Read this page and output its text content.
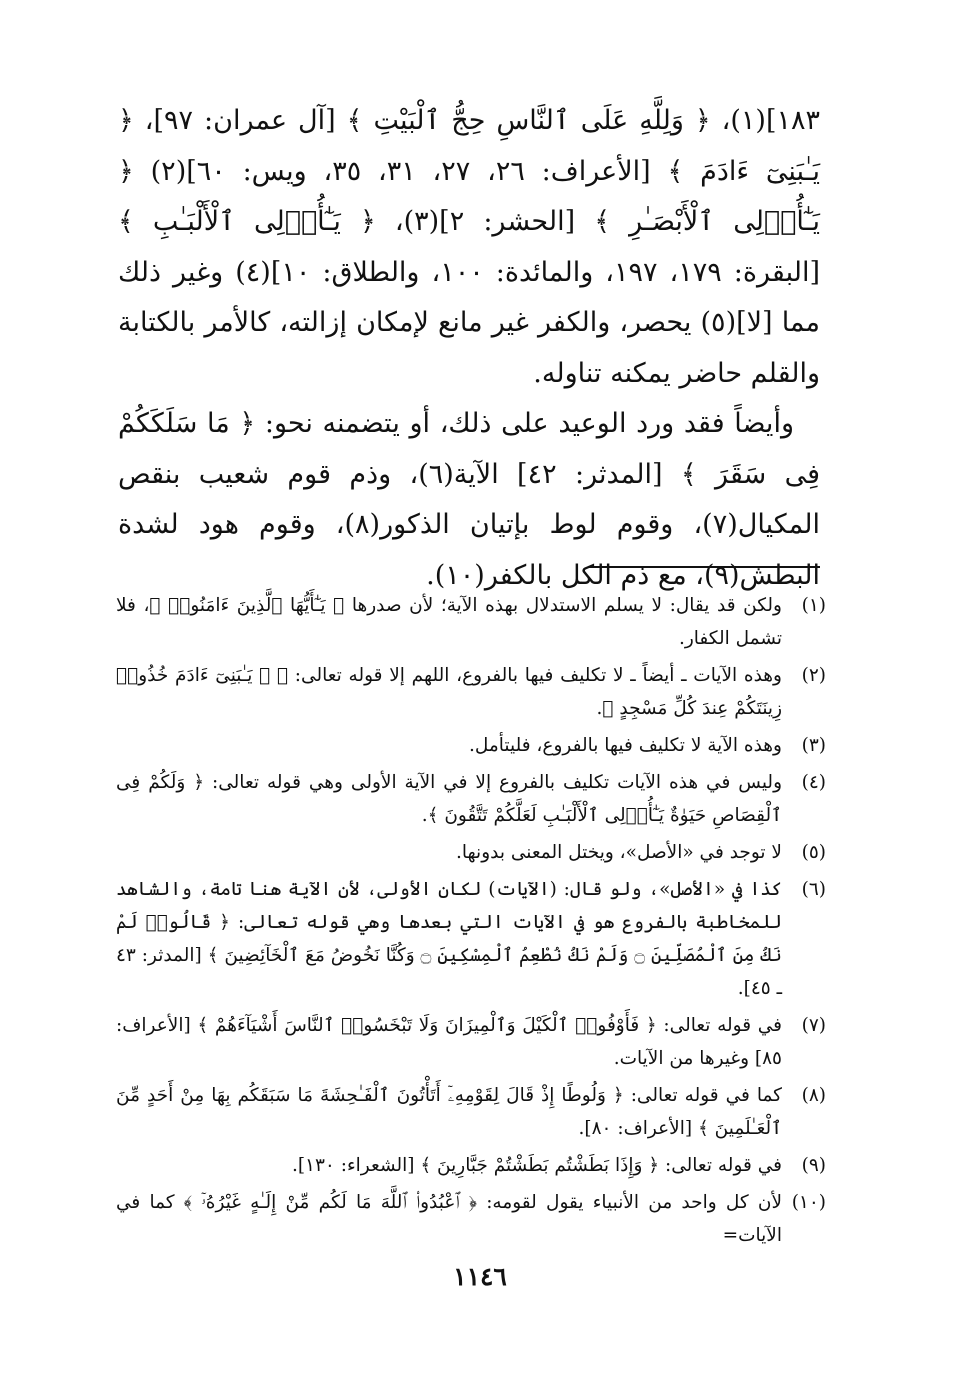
١٨٣](١)، ﴿ وَلِلَّهِ عَلَى ٱلنَّاسِ حِجُّ ٱلْبَيْتِ ﴾ [آل عمران: ٩٧]، ﴿ يَـٰبَنِىٓ ءَادَمَ ﴾ [الأعراف: ٢٦، ٢٧، ٣١، ٣٥، ويس: ٦٠](٢) ﴿ يَـٰٓأُو۟لِى ٱلْأَبْصَـٰرِ ﴾ [الحشر: ٢](٣)، ﴿ يَـٰٓأُو۟لِى ٱلْأَلْبَـٰبِ ﴾ [البقرة: ١٧٩، ١٩٧، والمائدة: ١٠٠، والطلاق: ١٠](٤) وغير ذلك مما [لا](٥) يحصر، والكفر غير مانع لإمكان إزالته، كالأمر بالكتابة والقلم حاضر يمكنه تناوله.

وأيضاً فقد ورد الوعيد على ذلك، أو يتضمنه نحو: ﴿ مَا سَلَكَكُمْ فِى سَقَرَ ﴾ [المدثر: ٤٢] الآية(٦)، وذم قوم شعيب بنقص المكيال(٧)، وقوم لوط بإتيان الذكور(٨)، وقوم هود لشدة البطش(٩)، مع ذم الكل بالكفر(١٠).

(١)
ولكن قد يقال: لا يسلم الاستدلال بهذه الآية؛ لأن صدرها ﴿ يَـٰٓأَيُّهَا ٱلَّذِينَ ءَامَنُوا۟ ﴾، فلا تشمل الكفار.
(٢)
وهذه الآيات ـ أيضاً ـ لا تكليف فيها بالفروع، اللهم إلا قوله تعالى: ﴿ ۞ يَـٰبَنِىٓ ءَادَمَ خُذُوا۟ زِينَتَكُمْ عِندَ كُلِّ مَسْجِدٍ ﴾.
(٣)
وهذه الآية لا تكليف فيها بالفروع، فليتأمل.
(٤)
وليس في هذه الآيات تكليف بالفروع إلا في الآية الأولى وهي قوله تعالى: ﴿ وَلَكُمْ فِى ٱلْقِصَاصِ حَيَوٰةٌ يَـٰٓأُو۟لِى ٱلْأَلْبَـٰبِ لَعَلَّكُمْ تَتَّقُونَ ﴾.
(٥)
لا توجد في «الأصل»، ويختل المعنى بدونها.
(٦)
كذا في «الأصل»، ولو قال: (الآيات) لكان الأولى، لأن الآية هنا تامة، والشاهد للمخاطبة بالفروع هو في الآيات التي بعدها وهي قوله تعالى: ﴿ قَالُوا۟ لَمْ نَكُ مِنَ ٱلْمُصَلِّينَ ۝ وَلَمْ نَكُ نُطْعِمُ ٱلْمِسْكِينَ ۝ وَكُنَّا نَخُوضُ مَعَ ٱلْخَآئِضِينَ ﴾ [المدثر: ٤٣ ـ ٤٥].
(٧)
في قوله تعالى: ﴿ فَأَوْفُوا۟ ٱلْكَيْلَ وَٱلْمِيزَانَ وَلَا تَبْخَسُوا۟ ٱلنَّاسَ أَشْيَآءَهُمْ ﴾ [الأعراف: ٨٥] وغيرها من الآيات.
(٨)
كما في قوله تعالى: ﴿ وَلُوطًا إِذْ قَالَ لِقَوْمِهِۦٓ أَتَأْتُونَ ٱلْفَـٰحِشَةَ مَا سَبَقَكُم بِهَا مِنْ أَحَدٍ مِّنَ ٱلْعَـٰلَمِينَ ﴾ [الأعراف: ٨٠].
(٩)
في قوله تعالى: ﴿ وَإِذَا بَطَشْتُم بَطَشْتُمْ جَبَّارِينَ ﴾ [الشعراء: ١٣٠].
(١٠)
لأن كل واحد من الأنبياء يقول لقومه: ﴿ ٱعْبُدُوا۟ ٱللَّهَ مَا لَكُم مِّنْ إِلَـٰهٍ غَيْرُهُۥٓ ﴾ كما في الآيات=
١١٤٦
